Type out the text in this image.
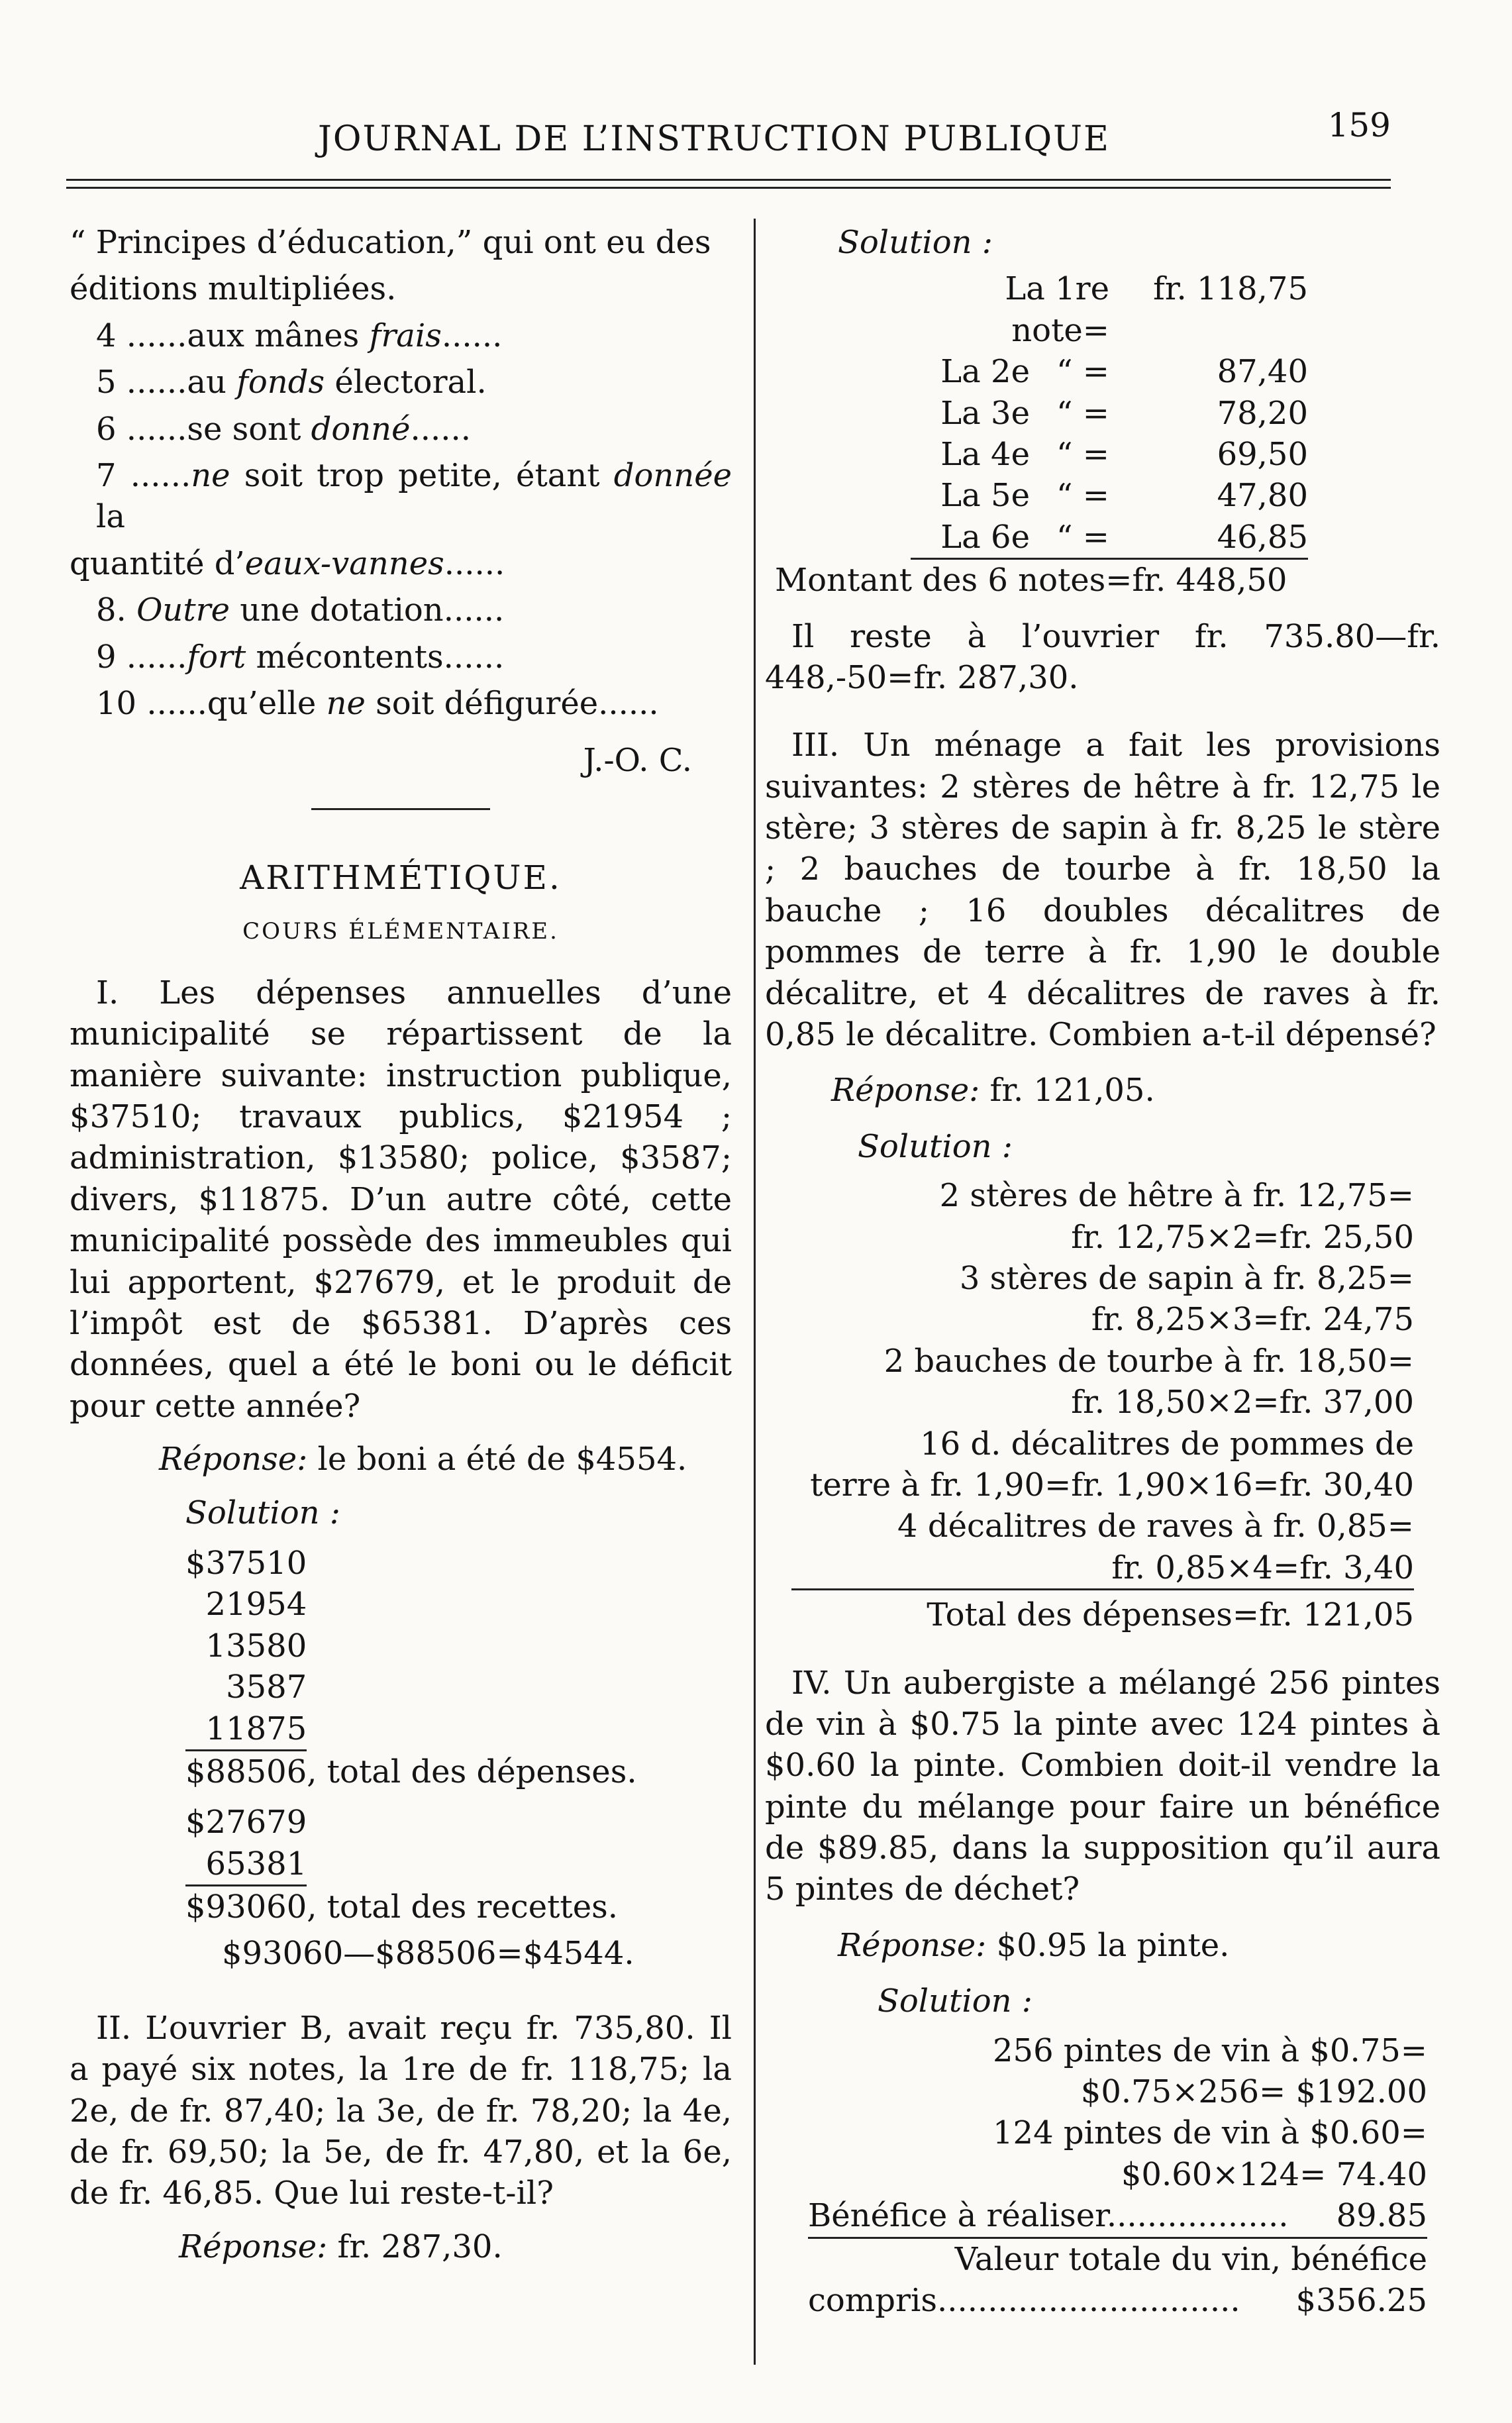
JOURNAL DE L’INSTRUCTION PUBLIQUE	159

“ Principes d’éducation,” qui ont eu des

éditions multipliées.

4 ......aux mânes frais......

5 ......au fonds électoral.

6 ......se sont donné......

7 ......ne soit trop petite, étant donnée la

quantité d’eaux-vannes......

8. Outre une dotation......

9 ......fort mécontents......

10 ......qu’elle ne soit défigurée......

J.-O. C.

ARITHMÉTIQUE.
COURS ÉLÉMENTAIRE.

I. Les dépenses annuelles d’une municipalité se répartissent de la manière suivante: instruction publique, $37510; travaux publics, $21954 ; administration, $13580; police, $3587; divers, $11875. D’un autre côté, cette municipalité possède des immeubles qui lui apportent, $27679, et le produit de l’impôt est de $65381. D’après ces données, quel a été le boni ou le déficit pour cette année?

Réponse: le boni a été de $4554.

Solution :

$37510
21954
13580
3587
11875

$88506, total des dépenses.

$27679
65381

$93060, total des recettes.

$93060—$88506=$4544.

II. L’ouvrier B, avait reçu fr. 735,80. Il a payé six notes, la 1re de fr. 118,75; la 2e, de fr. 87,40; la 3e, de fr. 78,20; la 4e, de fr. 69,50; la 5e, de fr. 47,80, et la 6e, de fr. 46,85. Que lui reste-t-il?

Réponse: fr. 287,30.

Solution :

La 1re note=
fr. 118,75
La 2e “ =	87,40
La 3e “ =	78,20
La 4e “ =	69,50
La 5e “ =	47,80
La 6e “ =	46,85

Montant des 6 notes=fr. 448,50

Il reste à l’ouvrier fr. 735.80—fr. 448,-50=fr. 287,30.

III. Un ménage a fait les provisions suivantes: 2 stères de hêtre à fr. 12,75 le stère; 3 stères de sapin à fr. 8,25 le stère ; 2 bauches de tourbe à fr. 18,50 la bauche ; 16 doubles décalitres de pommes de terre à fr. 1,90 le double décalitre, et 4 décalitres de raves à fr. 0,85 le décalitre. Combien a-t-il dépensé?

Réponse: fr. 121,05.

Solution :

2 stères de hêtre à fr. 12,75=
fr. 12,75×2=fr. 25,50
3 stères de sapin à fr. 8,25=
fr. 8,25×3=fr. 24,75
2 bauches de tourbe à fr. 18,50=
fr. 18,50×2=fr. 37,00
16 d. décalitres de pommes de
terre à fr. 1,90=fr. 1,90×16=fr. 30,40
4 décalitres de raves à fr. 0,85=
fr. 0,85×4=fr. 3,40
Total des dépenses=fr. 121,05

IV. Un aubergiste a mélangé 256 pintes de vin à $0.75 la pinte avec 124 pintes à $0.60 la pinte. Combien doit-il vendre la pinte du mélange pour faire un bénéfice de $89.85, dans la supposition qu’il aura 5 pintes de déchet?

Réponse: $0.95 la pinte.

Solution :

256 pintes de vin à $0.75=
$0.75×256= $192.00
124 pintes de vin à $0.60=
$0.60×124= 74.40
Bénéfice à réaliser.................. 89.85
Valeur totale du vin, bénéfice
compris.............................. $356.25
